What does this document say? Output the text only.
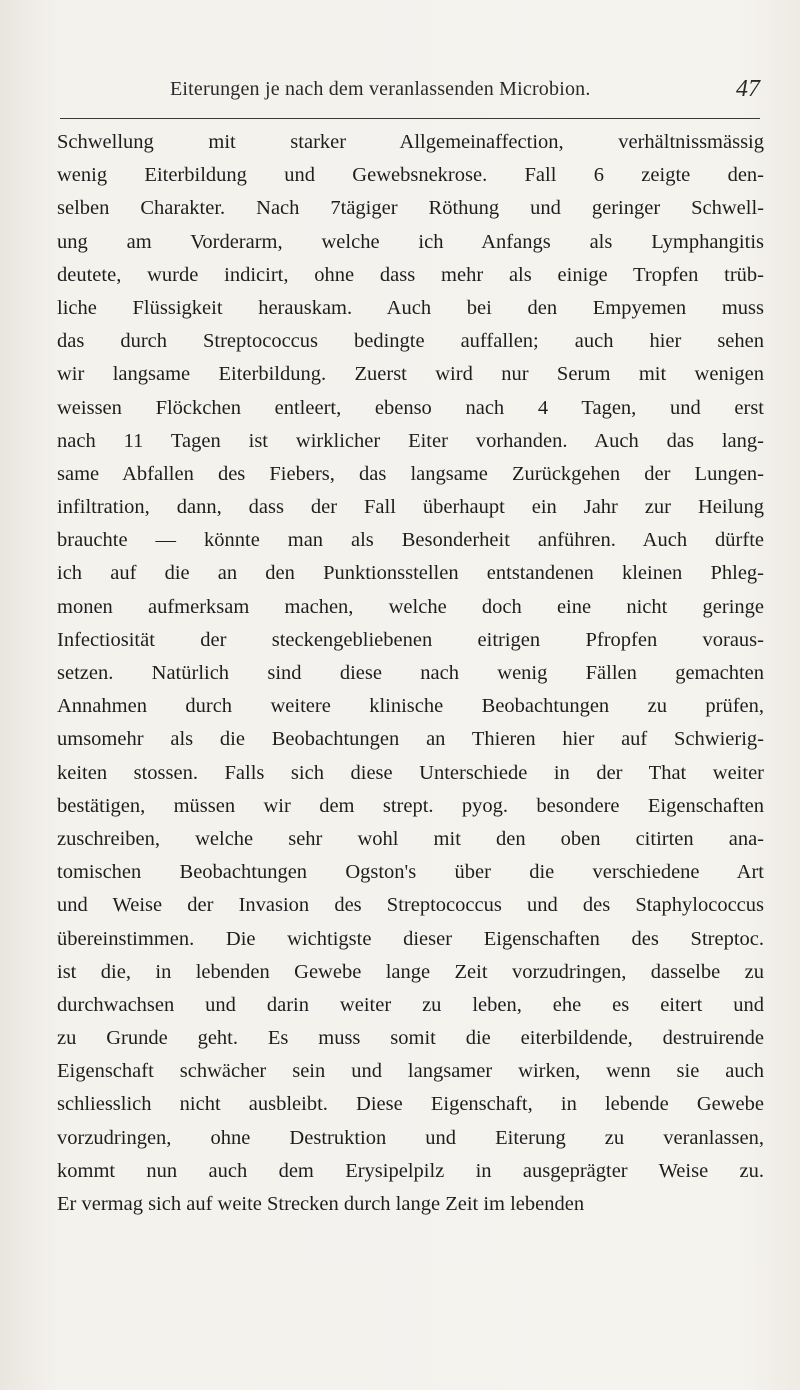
Eiterungen je nach dem veranlassenden Microbion.	47
Schwellung mit starker Allgemeinaffection, verhältnissmässig
wenig Eiterbildung und Gewebsnekrose. Fall 6 zeigte den-
selben Charakter. Nach 7tägiger Röthung und geringer Schwell-
ung am Vorderarm, welche ich Anfangs als Lymphangitis
deutete, wurde indicirt, ohne dass mehr als einige Tropfen trüb-
liche Flüssigkeit herauskam. Auch bei den Empyemen muss
das durch Streptococcus bedingte auffallen; auch hier sehen
wir langsame Eiterbildung. Zuerst wird nur Serum mit wenigen
weissen Flöckchen entleert, ebenso nach 4 Tagen, und erst
nach 11 Tagen ist wirklicher Eiter vorhanden. Auch das lang-
same Abfallen des Fiebers, das langsame Zurückgehen der Lungen-
infiltration, dann, dass der Fall überhaupt ein Jahr zur Heilung
brauchte — könnte man als Besonderheit anführen. Auch dürfte
ich auf die an den Punktionsstellen entstandenen kleinen Phleg-
monen aufmerksam machen, welche doch eine nicht geringe
Infectiosität der steckengebliebenen eitrigen Pfropfen voraus-
setzen. Natürlich sind diese nach wenig Fällen gemachten
Annahmen durch weitere klinische Beobachtungen zu prüfen,
umsomehr als die Beobachtungen an Thieren hier auf Schwierig-
keiten stossen. Falls sich diese Unterschiede in der That weiter
bestätigen, müssen wir dem strept. pyog. besondere Eigenschaften
zuschreiben, welche sehr wohl mit den oben citirten ana-
tomischen Beobachtungen Ogston's über die verschiedene Art
und Weise der Invasion des Streptococcus und des Staphylococcus
übereinstimmen. Die wichtigste dieser Eigenschaften des Streptoc.
ist die, in lebenden Gewebe lange Zeit vorzudringen, dasselbe zu
durchwachsen und darin weiter zu leben, ehe es eitert und
zu Grunde geht. Es muss somit die eiterbildende, destruirende
Eigenschaft schwächer sein und langsamer wirken, wenn sie auch
schliesslich nicht ausbleibt. Diese Eigenschaft, in lebende Gewebe
vorzudringen, ohne Destruktion und Eiterung zu veranlassen,
kommt nun auch dem Erysipelpilz in ausgeprägter Weise zu.
Er vermag sich auf weite Strecken durch lange Zeit im lebenden
